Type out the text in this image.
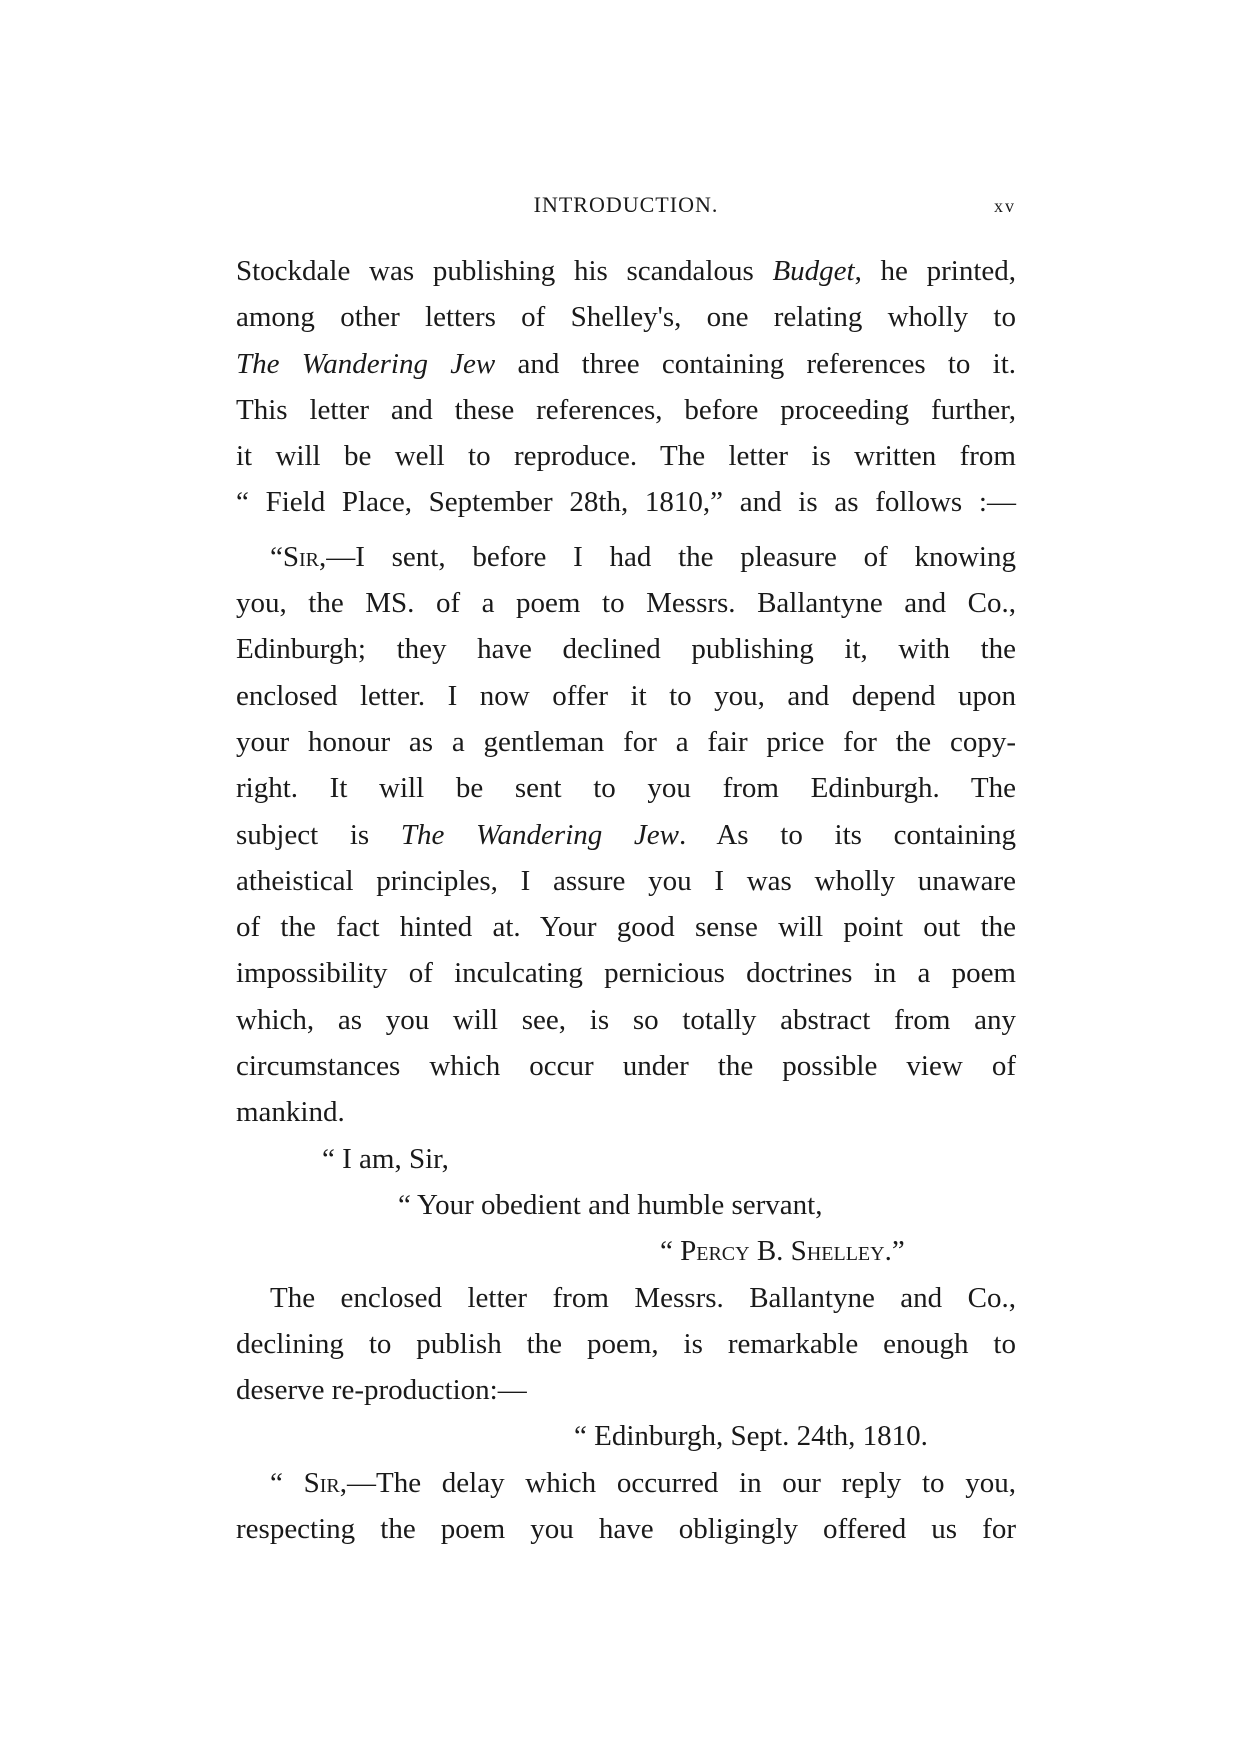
INTRODUCTION.	xv
Stockdale was publishing his scandalous Budget, he printed,
among other letters of Shelley's, one relating wholly to
The Wandering Jew and three containing references to it.
This letter and these references, before proceeding further,
it will be well to reproduce. The letter is written from
“ Field Place, September 28th, 1810,” and is as follows :—
“Sir,—I sent, before I had the pleasure of knowing
you, the MS. of a poem to Messrs. Ballantyne and Co.,
Edinburgh; they have declined publishing it, with the
enclosed letter. I now offer it to you, and depend upon
your honour as a gentleman for a fair price for the copy-
right. It will be sent to you from Edinburgh. The
subject is The Wandering Jew. As to its containing
atheistical principles, I assure you I was wholly unaware
of the fact hinted at. Your good sense will point out the
impossibility of inculcating pernicious doctrines in a poem
which, as you will see, is so totally abstract from any
circumstances which occur under the possible view of
mankind.
“ I am, Sir,
“ Your obedient and humble servant,
“ Percy B. Shelley.”
The enclosed letter from Messrs. Ballantyne and Co.,
declining to publish the poem, is remarkable enough to
deserve re-production:—
“ Edinburgh, Sept. 24th, 1810.
“ Sir,—The delay which occurred in our reply to you,
respecting the poem you have obligingly offered us for
